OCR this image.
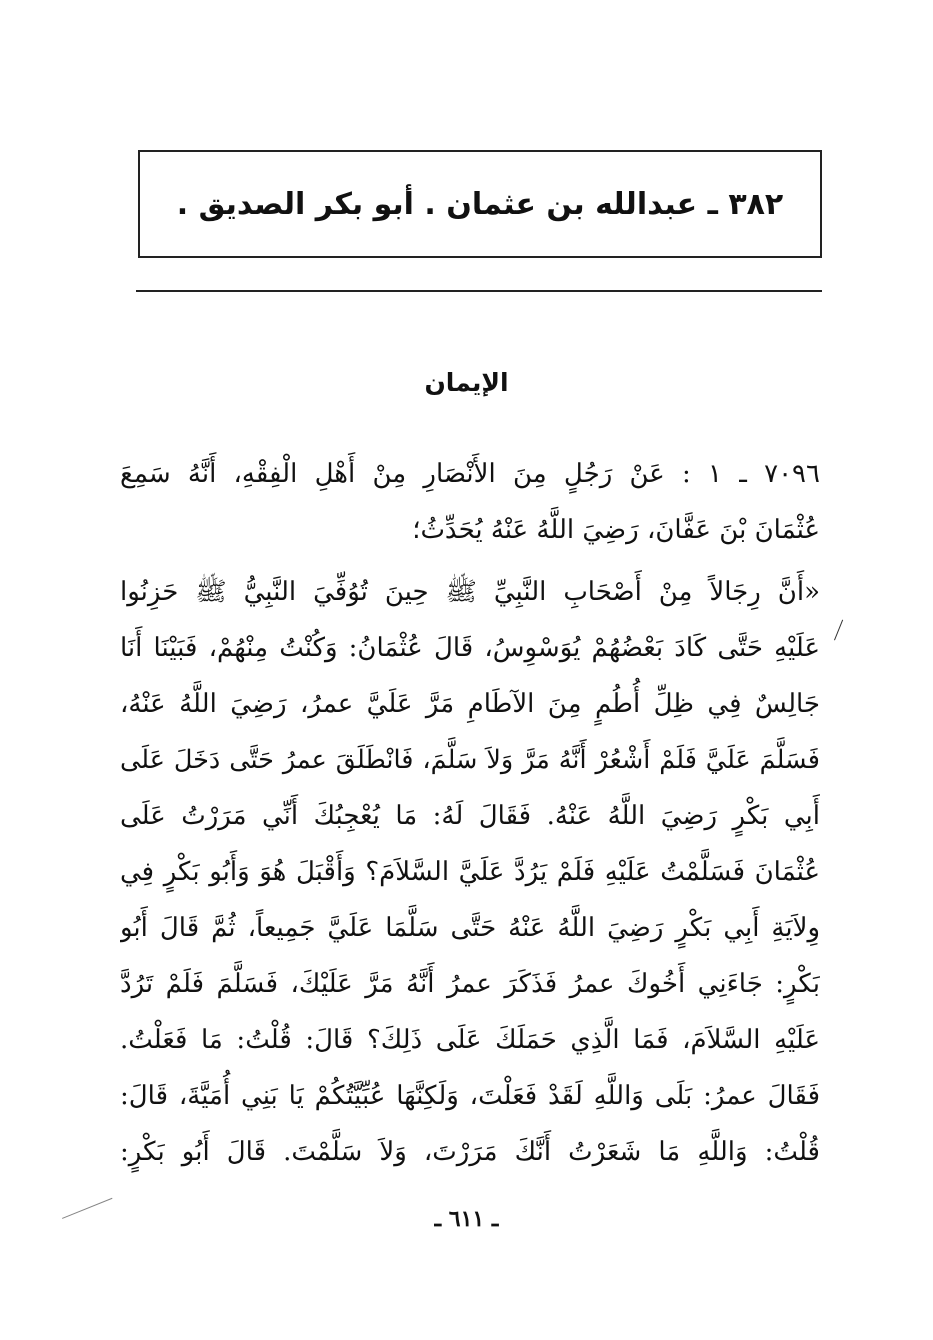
٣٨٢ ـ عبدالله بن عثمان . أبو بكر الصديق .
الإيمان
٧٠٩٦ ـ ١ : عَنْ رَجُلٍ مِنَ الأَنْصَارِ مِنْ أَهْلِ الْفِقْهِ، أَنَّهُ سَمِعَ
عُثْمَانَ بْنَ عَفَّانَ، رَضِيَ اللَّهُ عَنْهُ يُحَدِّثُ؛
«أَنَّ رِجَالاً مِنْ أَصْحَابِ النَّبِيِّ ﷺ حِينَ تُوُفِّيَ النَّبِيُّ ﷺ حَزِنُوا
عَلَيْهِ حَتَّى كَادَ بَعْضُهُمْ يُوَسْوِسُ، قَالَ عُثْمَانُ: وَكُنْتُ مِنْهُمْ، فَبَيْنَا أَنَا
جَالِسٌ فِي ظِلِّ أُطُمٍ مِنَ الآطَامِ مَرَّ عَلَيَّ عمرُ، رَضِيَ اللَّهُ عَنْهُ،
فَسَلَّمَ عَلَيَّ فَلَمْ أَشْعُرْ أَنَّهُ مَرَّ وَلاَ سَلَّمَ، فَانْطَلَقَ عمرُ حَتَّى دَخَلَ عَلَى
أَبِي بَكْرٍ رَضِيَ اللَّهُ عَنْهُ. فَقَالَ لَهُ: مَا يُعْجِبُكَ أَنِّي مَرَرْتُ عَلَى
عُثْمَانَ فَسَلَّمْتُ عَلَيْهِ فَلَمْ يَرُدَّ عَلَيَّ السَّلاَمَ؟ وَأَقْبَلَ هُوَ وَأَبُو بَكْرٍ فِي
وِلاَيَةِ أَبِي بَكْرٍ رَضِيَ اللَّهُ عَنْهُ حَتَّى سَلَّمَا عَلَيَّ جَمِيعاً، ثُمَّ قَالَ أَبُو
بَكْرٍ: جَاءَنِي أَخُوكَ عمرُ فَذَكَرَ عمرُ أَنَّهُ مَرَّ عَلَيْكَ، فَسَلَّمَ فَلَمْ تَرُدَّ
عَلَيْهِ السَّلاَمَ، فَمَا الَّذِي حَمَلَكَ عَلَى ذَلِكَ؟ قَالَ: قُلْتُ: مَا فَعَلْتُ.
فَقَالَ عمرُ: بَلَى وَاللَّهِ لَقَدْ فَعَلْتَ، وَلَكِنَّهَا عُبِّيَّتُكُمْ يَا بَنِي أُمَيَّةَ، قَالَ:
قُلْتُ: وَاللَّهِ مَا شَعَرْتُ أَنَّكَ مَرَرْتَ، وَلاَ سَلَّمْتَ. قَالَ أَبُو بَكْرٍ:
ـ ٦١١ ـ
